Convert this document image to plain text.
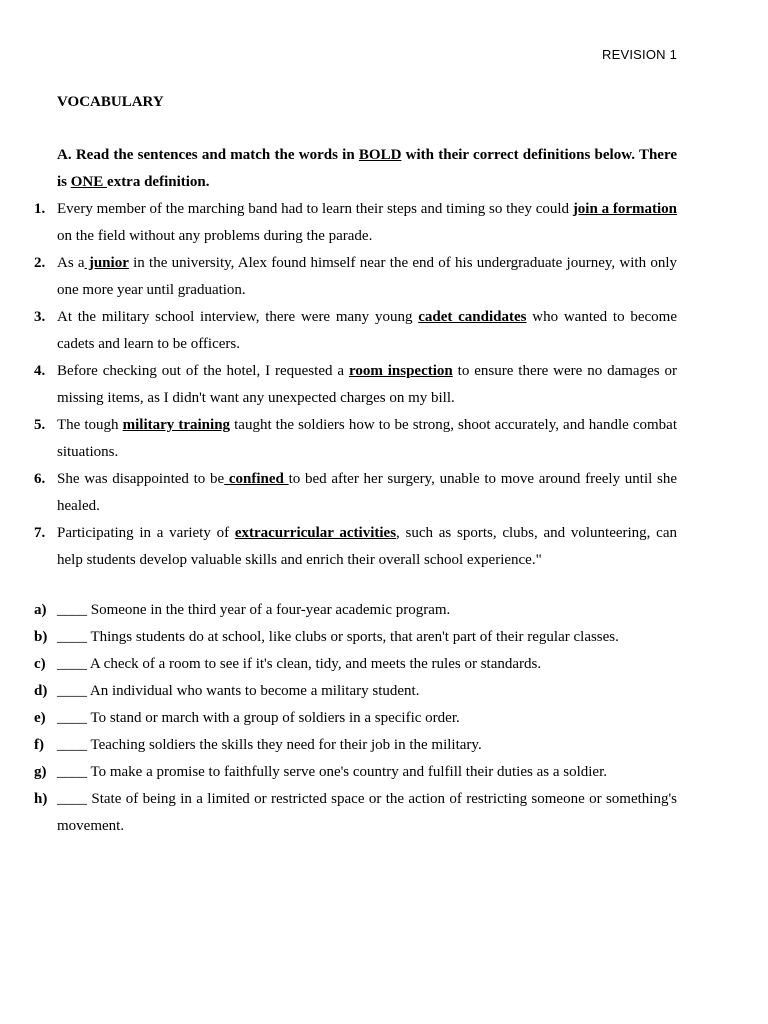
REVISION 1
VOCABULARY
A. Read the sentences and match the words in BOLD with their correct definitions below. There is ONE extra definition.
1. Every member of the marching band had to learn their steps and timing so they could join a formation on the field without any problems during the parade.
2. As a junior in the university, Alex found himself near the end of his undergraduate journey, with only one more year until graduation.
3. At the military school interview, there were many young cadet candidates who wanted to become cadets and learn to be officers.
4. Before checking out of the hotel, I requested a room inspection to ensure there were no damages or missing items, as I didn't want any unexpected charges on my bill.
5. The tough military training taught the soldiers how to be strong, shoot accurately, and handle combat situations.
6. She was disappointed to be confined to bed after her surgery, unable to move around freely until she healed.
7. Participating in a variety of extracurricular activities, such as sports, clubs, and volunteering, can help students develop valuable skills and enrich their overall school experience."
a) ____ Someone in the third year of a four-year academic program.
b) ____ Things students do at school, like clubs or sports, that aren't part of their regular classes.
c) ____ A check of a room to see if it's clean, tidy, and meets the rules or standards.
d) ____ An individual who wants to become a military student.
e) ____ To stand or march with a group of soldiers in a specific order.
f) ____ Teaching soldiers the skills they need for their job in the military.
g) ____ To make a promise to faithfully serve one's country and fulfill their duties as a soldier.
h) ____ State of being in a limited or restricted space or the action of restricting someone or something's movement.
